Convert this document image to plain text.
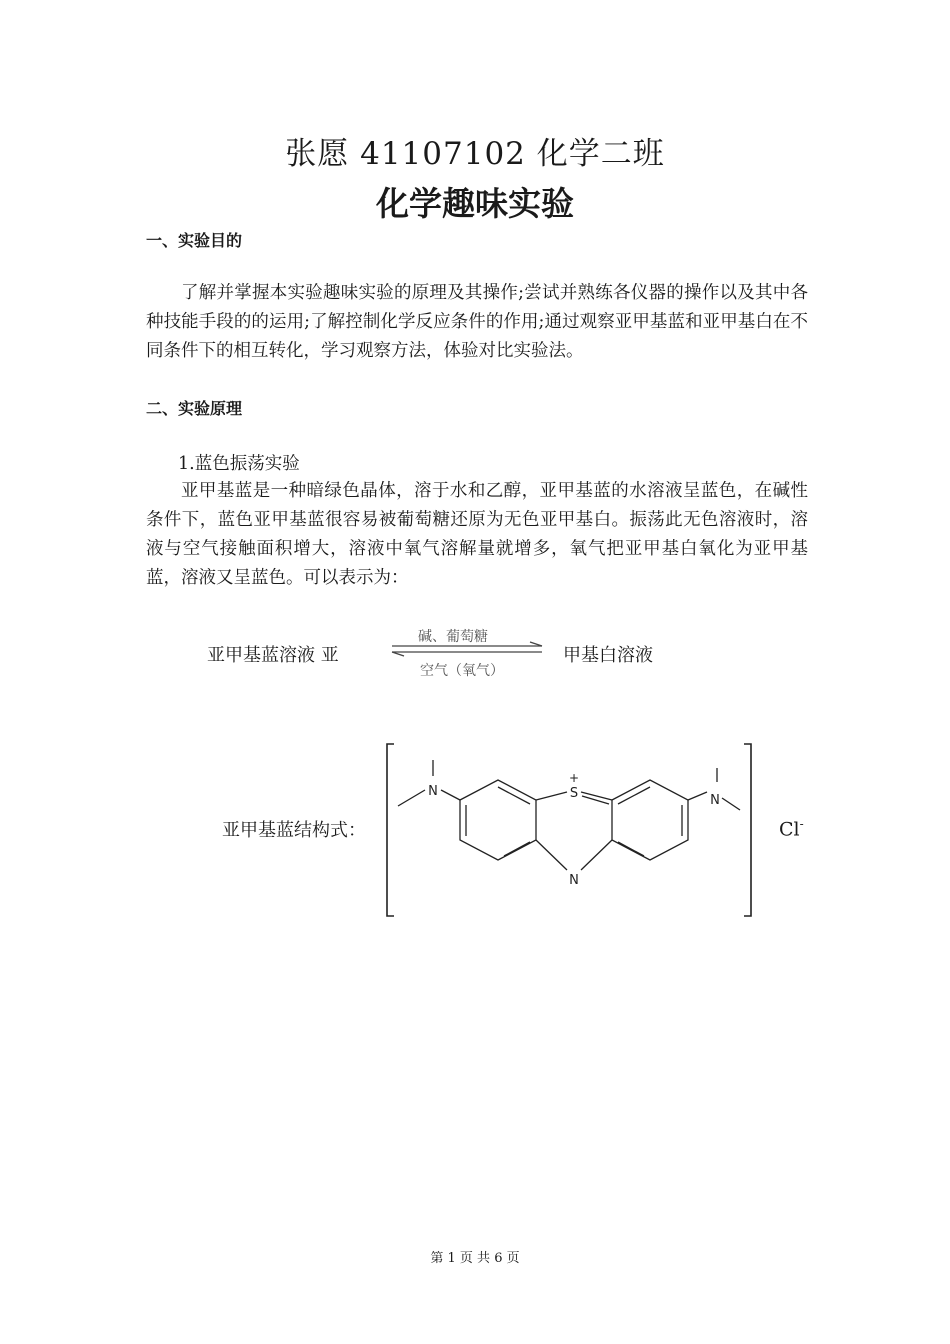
张愿 41107102 化学二班
化学趣味实验
一、实验目的

了解并掌握本实验趣味实验的原理及其操作;尝试并熟练各仪器的操作以及其中各种技能手段的的运用;了解控制化学反应条件的作用;通过观察亚甲基蓝和亚甲基白在不同条件下的相互转化，学习观察方法，体验对比实验法。

二、实验原理
1.蓝色振荡实验

亚甲基蓝是一种暗绿色晶体，溶于水和乙醇，亚甲基蓝的水溶液呈蓝色，在碱性条件下，蓝色亚甲基蓝很容易被葡萄糖还原为无色亚甲基白。振荡此无色溶液时，溶液与空气接触面积增大，溶液中氧气溶解量就增多，氧气把亚甲基白氧化为亚甲基蓝，溶液又呈蓝色。可以表示为：

亚甲基蓝溶液 亚
碱、葡萄糖
空气（氧气）
甲基白溶液
亚甲基蓝结构式：
N	S
+
N
N
Cl-
第 1 页 共 6 页
